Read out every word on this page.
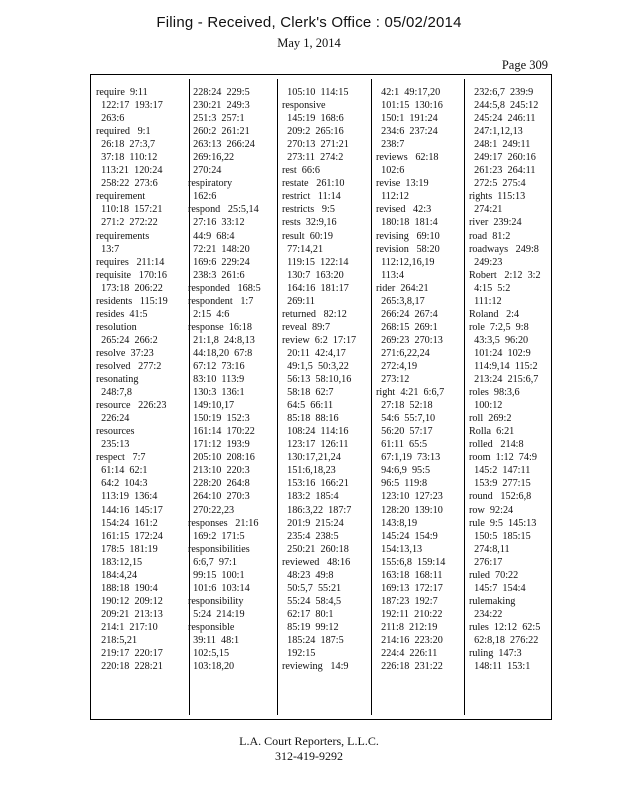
Filing - Received, Clerk's Office : 05/02/2014
May 1, 2014
Page 309
require  9:11
122:17  193:17
263:6
required   9:1
26:18  27:3,7
37:18  110:12
113:21  120:24
258:22  273:6
requirement
110:18  157:21
271:2  272:22
requirements
13:7
requires   211:14
requisite   170:16
173:18  206:22
residents   115:19
resides  41:5
resolution
265:24  266:2
resolve  37:23
resolved   277:2
resonating
248:7,8
resource   226:23
226:24
resources
235:13
respect   7:7
61:14  62:1
64:2  104:3
113:19  136:4
144:16  145:17
154:24  161:2
161:15  172:24
178:5  181:19
183:12,15
184:4,24
188:18  190:4
190:12  209:12
209:21  213:13
214:1  217:10
218:5,21
219:17  220:17
220:18  228:21
228:24  229:5
230:21  249:3
251:3  257:1
260:2  261:21
263:13  266:24
269:16,22
270:24
respiratory
162:6
respond   25:5,14
27:16  33:12
44:9  68:4
72:21  148:20
169:6  229:24
238:3  261:6
responded   168:5
respondent   1:7
2:15  4:6
response  16:18
21:1,8  24:8,13
44:18,20  67:8
67:12  73:16
83:10  113:9
130:3  136:1
149:10,17
150:19  152:3
161:14  170:22
171:12  193:9
205:10  208:16
213:10  220:3
228:20  264:8
264:10  270:3
270:22,23
responses   21:16
169:2  171:5
responsibilities
6:6,7  97:1
99:15  100:1
101:6  103:14
responsibility
5:24  214:19
responsible
39:11  48:1
102:5,15
103:18,20
105:10  114:15
responsive
145:19  168:6
209:2  265:16
270:13  271:21
273:11  274:2
rest  66:6
restate   261:10
restrict   11:14
restricts   9:5
rests  32:9,16
result  60:19
77:14,21
119:15  122:14
130:7  163:20
164:16  181:17
269:11
returned   82:12
reveal  89:7
review  6:2  17:17
20:11  42:4,17
49:1,5  50:3,22
56:13  58:10,16
58:18  62:7
64:5  66:11
85:18  88:16
108:24  114:16
123:17  126:11
130:17,21,24
151:6,18,23
153:16  166:21
183:2  185:4
186:3,22  187:7
201:9  215:24
235:4  238:5
250:21  260:18
reviewed   48:16
48:23  49:8
50:5,7  55:21
55:24  58:4,5
62:17  80:1
85:19  99:12
185:24  187:5
192:15
reviewing   14:9
42:1  49:17,20
101:15  130:16
150:1  191:24
234:6  237:24
238:7
reviews   62:18
102:6
revise  13:19
112:12
revised   42:3
180:18  181:4
revising   69:10
revision   58:20
112:12,16,19
113:4
rider  264:21
265:3,8,17
266:24  267:4
268:15  269:1
269:23  270:13
271:6,22,24
272:4,19
273:12
right  4:21  6:6,7
27:18  52:18
54:6  55:7,10
56:20  57:17
61:11  65:5
67:1,19  73:13
94:6,9  95:5
96:5  119:8
123:10  127:23
128:20  139:10
143:8,19
145:24  154:9
154:13,13
155:6,8  159:14
163:18  168:11
169:13  172:17
187:23  192:7
192:11  210:22
211:8  212:19
214:16  223:20
224:4  226:11
226:18  231:22
232:6,7  239:9
244:5,8  245:12
245:24  246:11
247:1,12,13
248:1  249:11
249:17  260:16
261:23  264:11
272:5  275:4
rights  115:13
274:21
river  239:24
road  81:2
roadways   249:8
249:23
Robert   2:12  3:2
4:15  5:2
111:12
Roland   2:4
role  7:2,5  9:8
43:3,5  96:20
101:24  102:9
114:9,14  115:2
213:24  215:6,7
roles  98:3,6
100:12
roll  269:2
Rolla  6:21
rolled   214:8
room  1:12  74:9
145:2  147:11
153:9  277:15
round   152:6,8
row  92:24
rule  9:5  145:13
150:5  185:15
274:8,11
276:17
ruled  70:22
145:7  154:4
rulemaking
234:22
rules  12:12  62:5
62:8,18  276:22
ruling  147:3
148:11  153:1
L.A. Court Reporters, L.L.C.
312-419-9292
